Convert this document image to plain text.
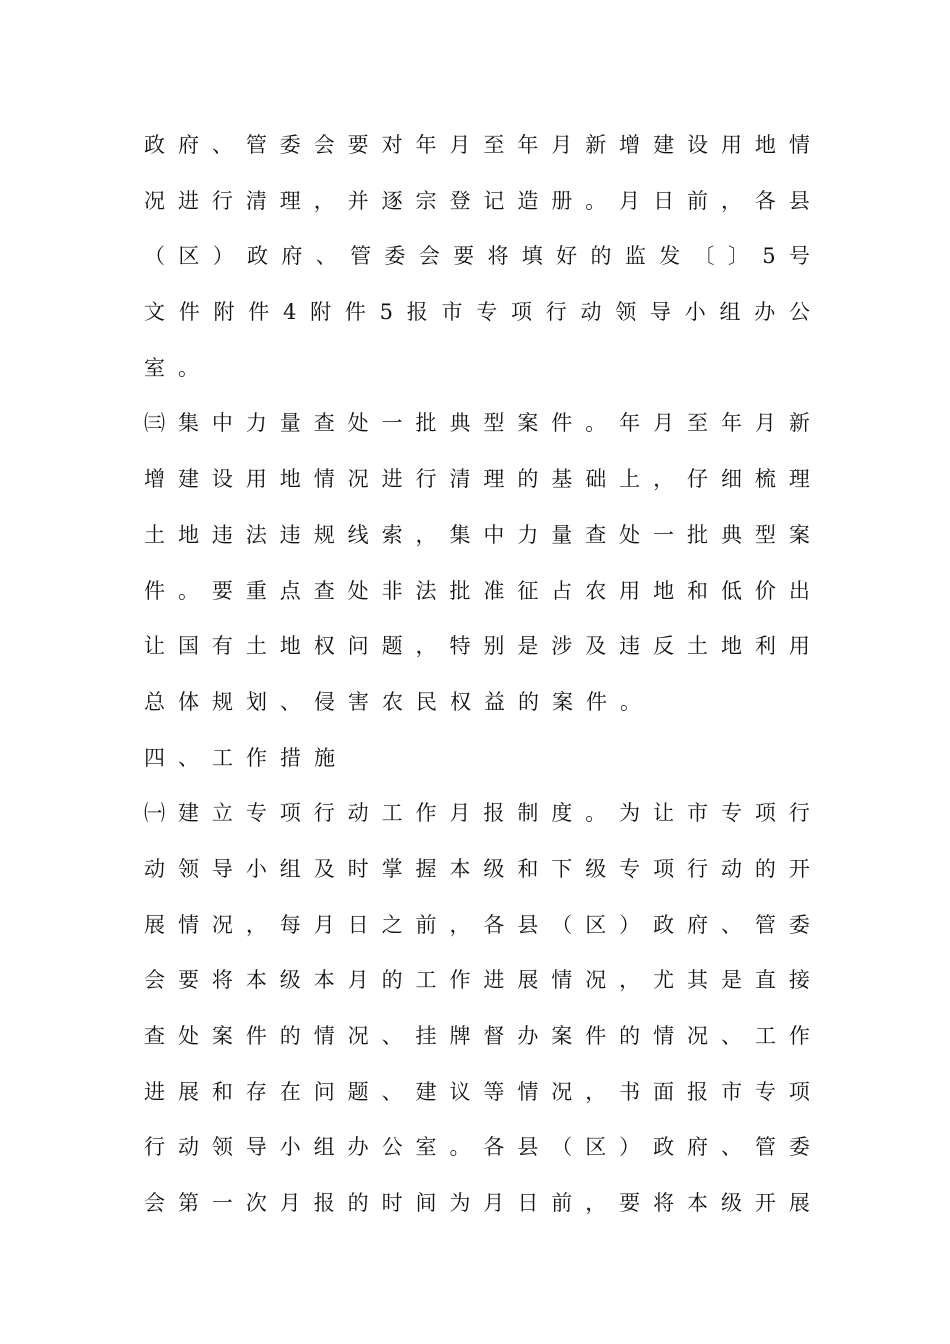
政 府 、 管 委 会 要 对 年 月 至 年 月 新 增 建 设 用 地 情
况 进 行 清 理 ， 并 逐 宗 登 记 造 册 。 月 日 前 ， 各 县
（ 区 ） 政 府 、 管 委 会 要 将 填 好 的 监 发 〔 〕 5 号
文 件 附 件 4 附 件 5 报 市 专 项 行 动 领 导 小 组 办 公
室。
㈢ 集 中 力 量 查 处 一 批 典 型 案 件 。 年 月 至 年 月 新
增 建 设 用 地 情 况 进 行 清 理 的 基 础 上 ， 仔 细 梳 理
土 地 违 法 违 规 线 索 ， 集 中 力 量 查 处 一 批 典 型 案
件 。 要 重 点 查 处 非 法 批 准 征 占 农 用 地 和 低 价 出
让 国 有 土 地 权 问 题 ， 特 别 是 涉 及 违 反 土 地 利 用
总体规划、侵害农民权益的案件。
四、工作措施
㈠ 建 立 专 项 行 动 工 作 月 报 制 度 。 为 让 市 专 项 行
动 领 导 小 组 及 时 掌 握 本 级 和 下 级 专 项 行 动 的 开
展 情 况 ， 每 月 日 之 前 ， 各 县 （ 区 ） 政 府 、 管 委
会 要 将 本 级 本 月 的 工 作 进 展 情 况 ， 尤 其 是 直 接
查 处 案 件 的 情 况 、 挂 牌 督 办 案 件 的 情 况 、 工 作
进 展 和 存 在 问 题 、 建 议 等 情 况 ， 书 面 报 市 专 项
行 动 领 导 小 组 办 公 室 。 各 县 （ 区 ） 政 府 、 管 委
会 第 一 次 月 报 的 时 间 为 月 日 前 ， 要 将 本 级 开 展
